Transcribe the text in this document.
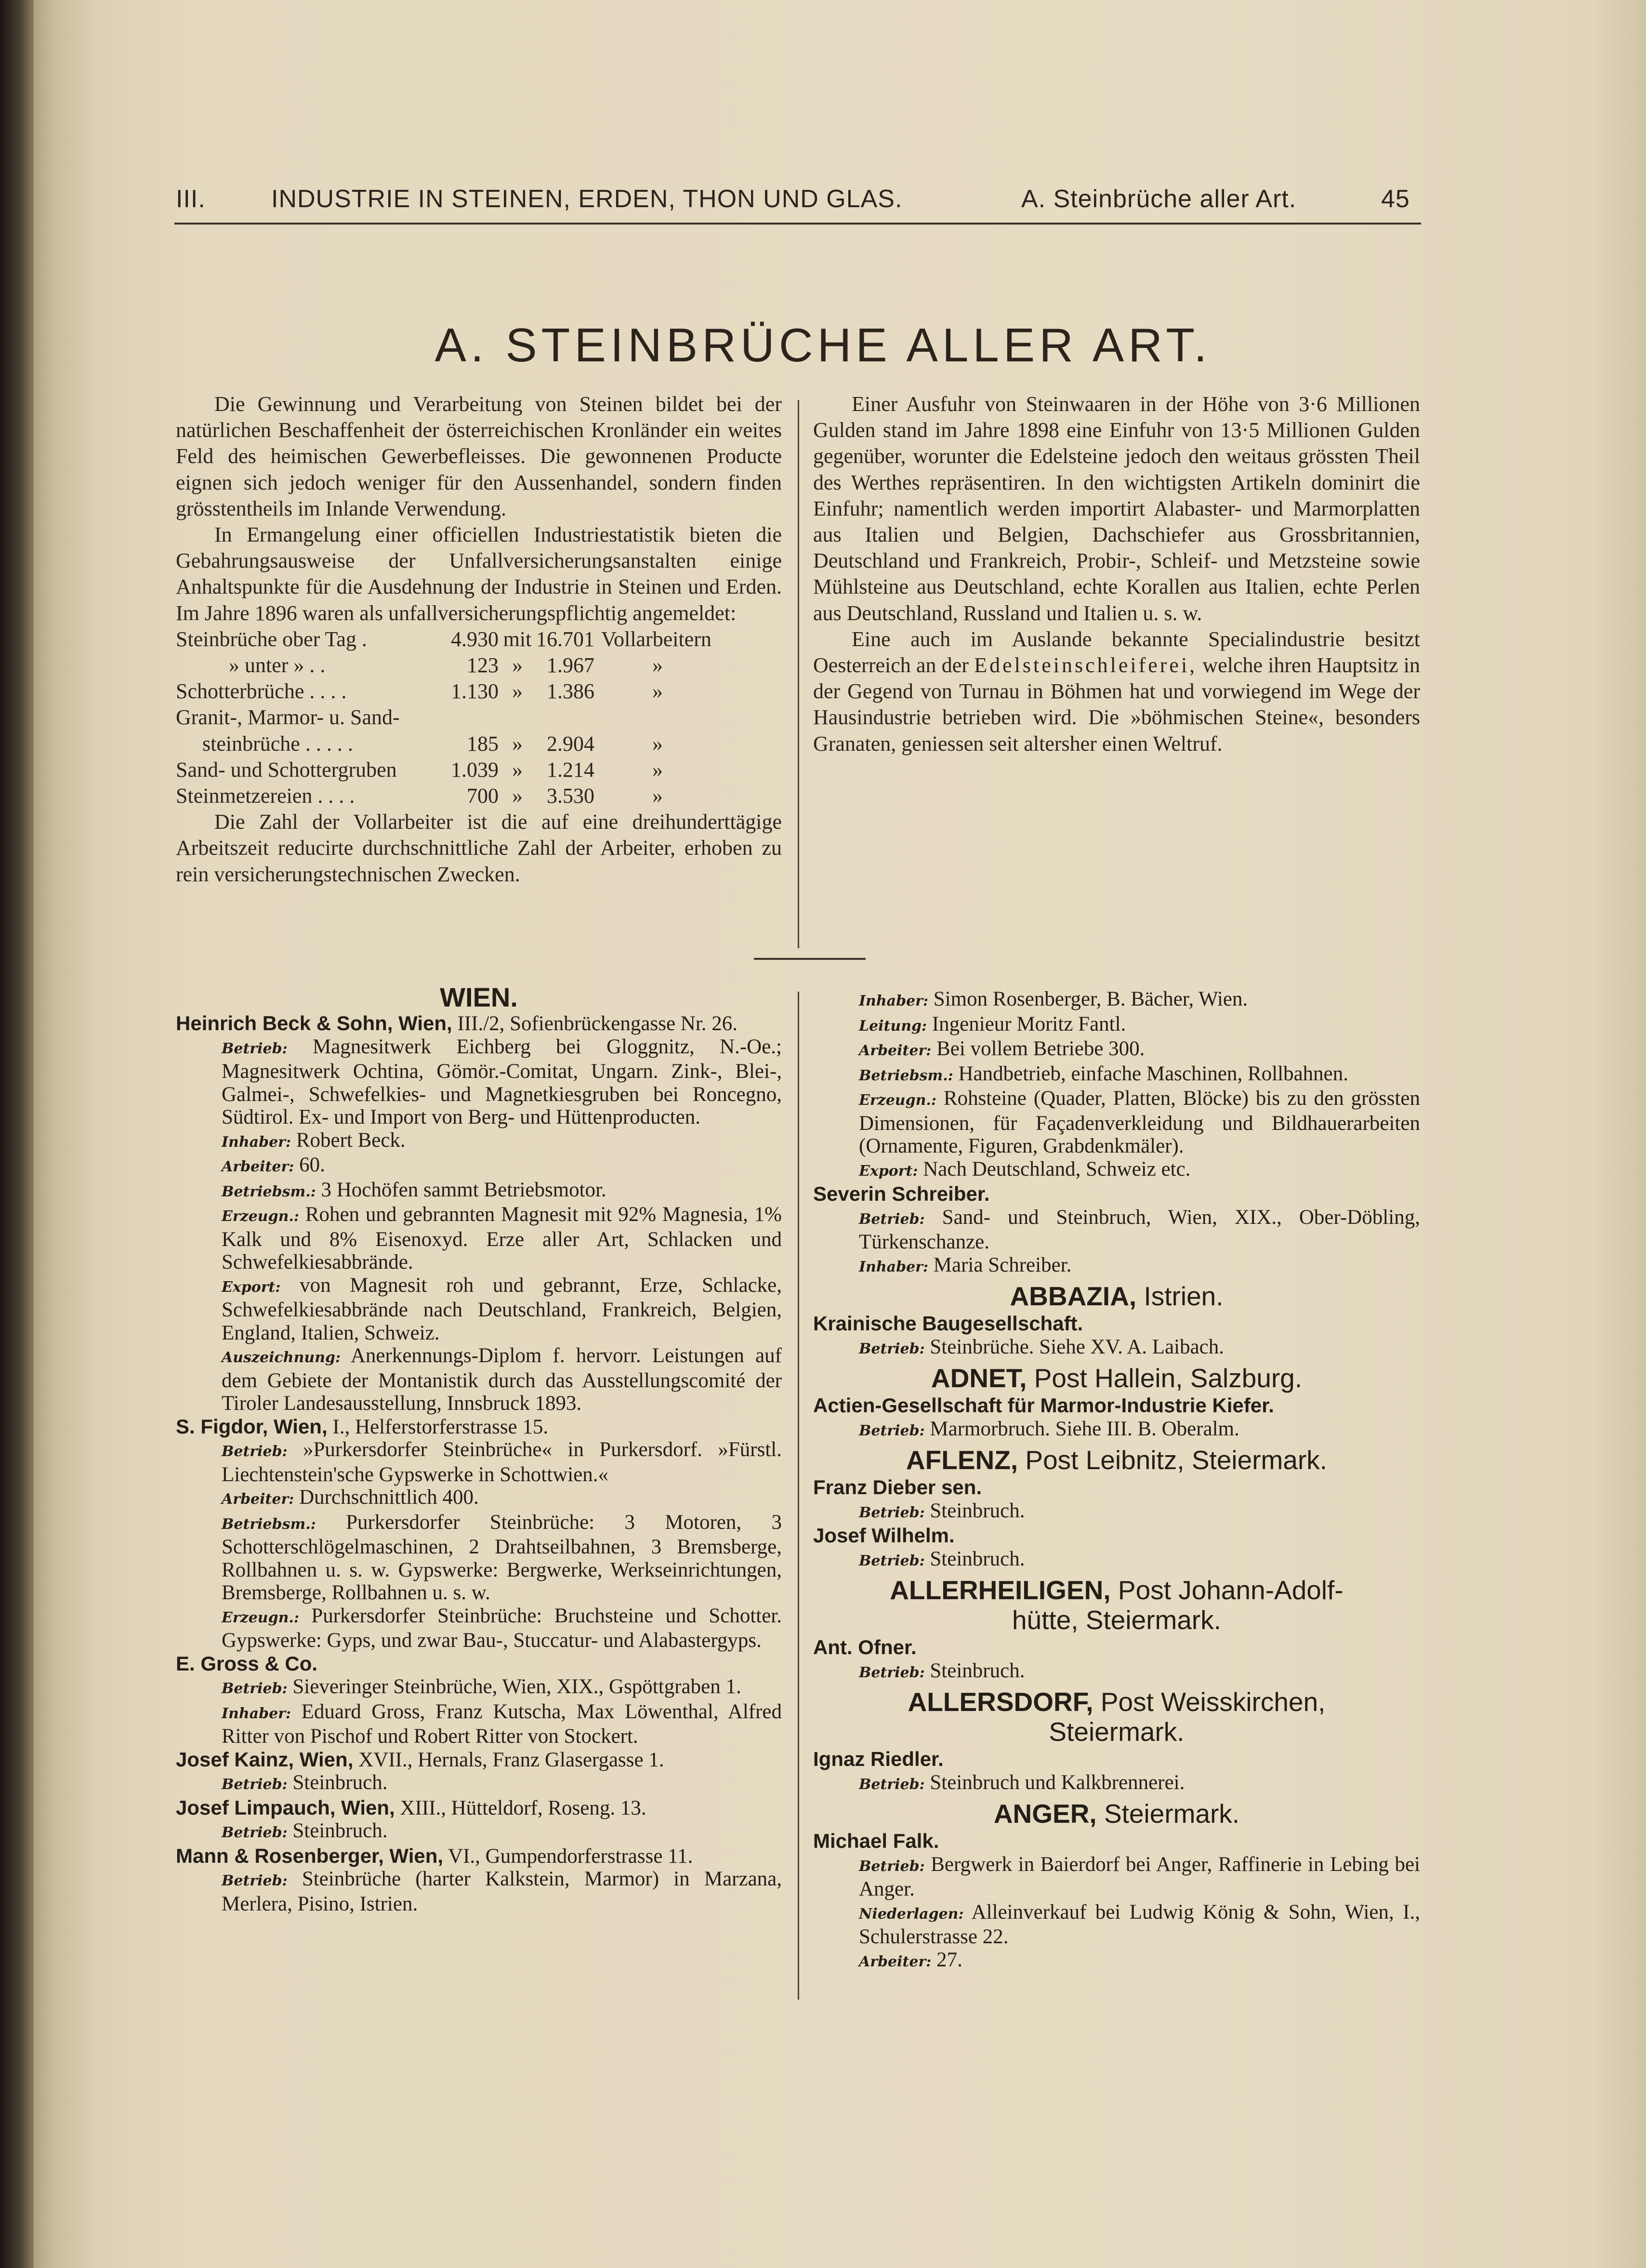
III.	INDUSTRIE IN STEINEN, ERDEN, THON UND GLAS.	A. Steinbrüche aller Art.	45
A. STEINBRÜCHE ALLER ART.

Die Gewinnung und Verarbeitung von Steinen bildet bei der natürlichen Beschaffenheit der österreichischen Kronländer ein weites Feld des heimischen Gewerbefleisses. Die gewonnenen Producte eignen sich jedoch weniger für den Aussenhandel, sondern finden grösstentheils im Inlande Verwendung.

In Ermangelung einer officiellen Industriestatistik bieten die Gebahrungsausweise der Unfallversicherungsanstalten einige Anhaltspunkte für die Ausdehnung der Industrie in Steinen und Erden. Im Jahre 1896 waren als unfallversicherungspflichtig angemeldet:

Steinbrüche ober Tag .	4.930	mit	16.701	Vollarbeitern
» unter » . .	123	»	1.967	»
Schotterbrüche . . . .	1.130	»	1.386	»
Granit-, Marmor- u. Sand-				
steinbrüche . . . . .	185	»	2.904	»
Sand- und Schottergruben	1.039	»	1.214	»
Steinmetzereien . . . .	700	»	3.530	»

Die Zahl der Vollarbeiter ist die auf eine dreihunderttägige Arbeitszeit reducirte durchschnittliche Zahl der Arbeiter, erhoben zu rein versicherungstechnischen Zwecken.

Einer Ausfuhr von Steinwaaren in der Höhe von 3·6 Millionen Gulden stand im Jahre 1898 eine Einfuhr von 13·5 Millionen Gulden gegenüber, worunter die Edelsteine jedoch den weitaus grössten Theil des Werthes repräsentiren. In den wichtigsten Artikeln dominirt die Einfuhr; namentlich werden importirt Alabaster- und Marmorplatten aus Italien und Belgien, Dachschiefer aus Grossbritannien, Deutschland und Frankreich, Probir-, Schleif- und Metzsteine sowie Mühlsteine aus Deutschland, echte Korallen aus Italien, echte Perlen aus Deutschland, Russland und Italien u. s. w.

Eine auch im Auslande bekannte Specialindustrie besitzt Oesterreich an der Edelsteinschleiferei, welche ihren Hauptsitz in der Gegend von Turnau in Böhmen hat und vorwiegend im Wege der Hausindustrie betrieben wird. Die »böhmischen Steine«, besonders Granaten, geniessen seit altersher einen Weltruf.

WIEN.

Heinrich Beck & Sohn, Wien, III./2, Sofienbrückengasse Nr. 26.

Betrieb: Magnesitwerk Eichberg bei Gloggnitz, N.-Oe.; Magnesitwerk Ochtina, Gömör.-Comitat, Ungarn. Zink-, Blei-, Galmei-, Schwefelkies- und Magnetkiesgruben bei Roncegno, Südtirol. Ex- und Import von Berg- und Hüttenproducten.

Inhaber: Robert Beck.

Arbeiter: 60.

Betriebsm.: 3 Hochöfen sammt Betriebsmotor.

Erzeugn.: Rohen und gebrannten Magnesit mit 92% Magnesia, 1% Kalk und 8% Eisenoxyd. Erze aller Art, Schlacken und Schwefelkiesabbrände.

Export: von Magnesit roh und gebrannt, Erze, Schlacke, Schwefelkiesabbrände nach Deutschland, Frankreich, Belgien, England, Italien, Schweiz.

Auszeichnung: Anerkennungs-Diplom f. hervorr. Leistungen auf dem Gebiete der Montanistik durch das Ausstellungscomité der Tiroler Landesausstellung, Innsbruck 1893.

S. Figdor, Wien, I., Helferstorferstrasse 15.

Betrieb: »Purkersdorfer Steinbrüche« in Purkersdorf. »Fürstl. Liechtenstein'sche Gypswerke in Schottwien.«

Arbeiter: Durchschnittlich 400.

Betriebsm.: Purkersdorfer Steinbrüche: 3 Motoren, 3 Schotterschlögelmaschinen, 2 Drahtseilbahnen, 3 Bremsberge, Rollbahnen u. s. w. Gypswerke: Bergwerke, Werkseinrichtungen, Bremsberge, Rollbahnen u. s. w.

Erzeugn.: Purkersdorfer Steinbrüche: Bruchsteine und Schotter. Gypswerke: Gyps, und zwar Bau-, Stuccatur- und Alabastergyps.

E. Gross & Co.

Betrieb: Sieveringer Steinbrüche, Wien, XIX., Gspöttgraben 1.

Inhaber: Eduard Gross, Franz Kutscha, Max Löwenthal, Alfred Ritter von Pischof und Robert Ritter von Stockert.

Josef Kainz, Wien, XVII., Hernals, Franz Glasergasse 1.

Betrieb: Steinbruch.

Josef Limpauch, Wien, XIII., Hütteldorf, Roseng. 13.

Betrieb: Steinbruch.

Mann & Rosenberger, Wien, VI., Gumpendorferstrasse 11.

Betrieb: Steinbrüche (harter Kalkstein, Marmor) in Marzana, Merlera, Pisino, Istrien.

Inhaber: Simon Rosenberger, B. Bächer, Wien.

Leitung: Ingenieur Moritz Fantl.

Arbeiter: Bei vollem Betriebe 300.

Betriebsm.: Handbetrieb, einfache Maschinen, Rollbahnen.

Erzeugn.: Rohsteine (Quader, Platten, Blöcke) bis zu den grössten Dimensionen, für Façadenverkleidung und Bildhauerarbeiten (Ornamente, Figuren, Grabdenkmäler).

Export: Nach Deutschland, Schweiz etc.

Severin Schreiber.

Betrieb: Sand- und Steinbruch, Wien, XIX., Ober-Döbling, Türkenschanze.

Inhaber: Maria Schreiber.

ABBAZIA, Istrien.

Krainische Baugesellschaft.

Betrieb: Steinbrüche. Siehe XV. A. Laibach.

ADNET, Post Hallein, Salzburg.

Actien-Gesellschaft für Marmor-Industrie Kiefer.

Betrieb: Marmorbruch. Siehe III. B. Oberalm.

AFLENZ, Post Leibnitz, Steiermark.

Franz Dieber sen.

Betrieb: Steinbruch.

Josef Wilhelm.

Betrieb: Steinbruch.

ALLERHEILIGEN, Post Johann-Adolf-
hütte, Steiermark.

Ant. Ofner.

Betrieb: Steinbruch.

ALLERSDORF, Post Weisskirchen,
Steiermark.

Ignaz Riedler.

Betrieb: Steinbruch und Kalkbrennerei.

ANGER, Steiermark.

Michael Falk.

Betrieb: Bergwerk in Baierdorf bei Anger, Raffinerie in Lebing bei Anger.

Niederlagen: Alleinverkauf bei Ludwig König & Sohn, Wien, I., Schulerstrasse 22.

Arbeiter: 27.
